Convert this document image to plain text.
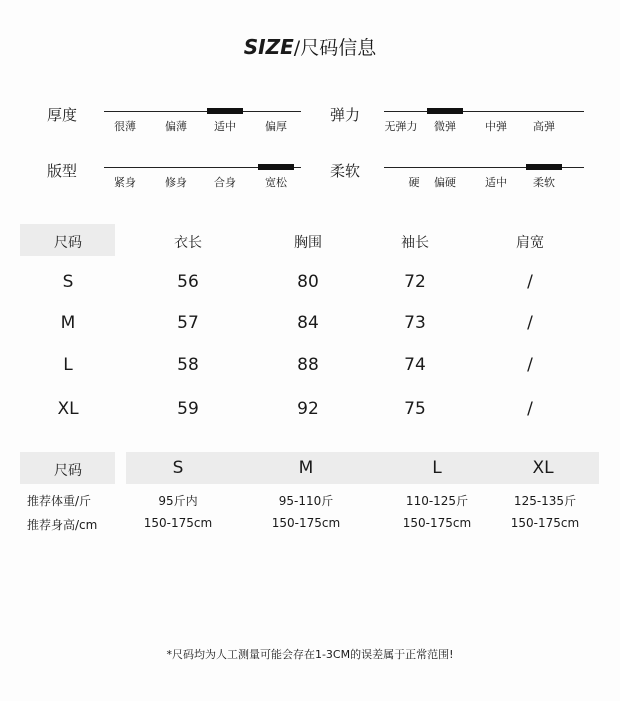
SIZE/尺码信息
厚度
很薄	偏薄 适中	偏厚
弹力
无弹力 微弹	中弹 高弹
版型
紧身	修身 合身	宽松
柔软
硬 偏硬	适中 柔软
尺码	衣长	胸围	袖长	肩宽
S	56	80	72	/
M	57	84	73	/
L	58	88	74	/
XL	59	92	75	/
尺码	S	M	L	XL
推荐体重/斤	95斤内	95-110斤	110-125斤	125-135斤
推荐身高/cm	150-175cm	150-175cm	150-175cm	150-175cm
*尺码均为人工测量可能会存在1-3CM的误差属于正常范围!
